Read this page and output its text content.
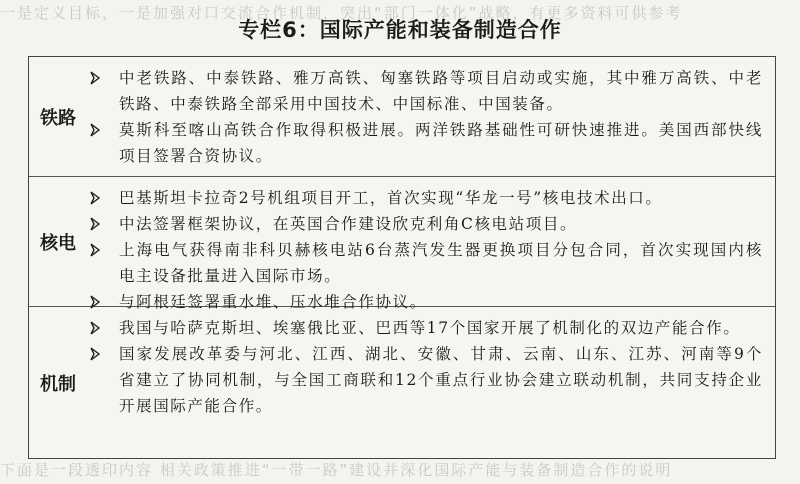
一是定义目标，一是加强对口交流合作机制，突出“部门一体化”战略，有更多资料可供参考
专栏6：国际产能和装备制造合作
铁路
中老铁路、中泰铁路、雅万高铁、匈塞铁路等项目启动或实施，其中雅万高铁、中老铁路、中泰铁路全部采用中国技术、中国标准、中国装备。
莫斯科至喀山高铁合作取得积极进展。两洋铁路基础性可研快速推进。美国西部快线项目签署合资协议。
核电
巴基斯坦卡拉奇2号机组项目开工，首次实现“华龙一号”核电技术出口。
中法签署框架协议，在英国合作建设欣克利角C核电站项目。
上海电气获得南非科贝赫核电站6台蒸汽发生器更换项目分包合同，首次实现国内核电主设备批量进入国际市场。
与阿根廷签署重水堆、压水堆合作协议。
机制
我国与哈萨克斯坦、埃塞俄比亚、巴西等17个国家开展了机制化的双边产能合作。
国家发展改革委与河北、江西、湖北、安徽、甘肃、云南、山东、江苏、河南等9个省建立了协同机制，与全国工商联和12个重点行业协会建立联动机制，共同支持企业开展国际产能合作。
下面是一段透印内容 相关政策推进“一带一路”建设并深化国际产能与装备制造合作的说明
